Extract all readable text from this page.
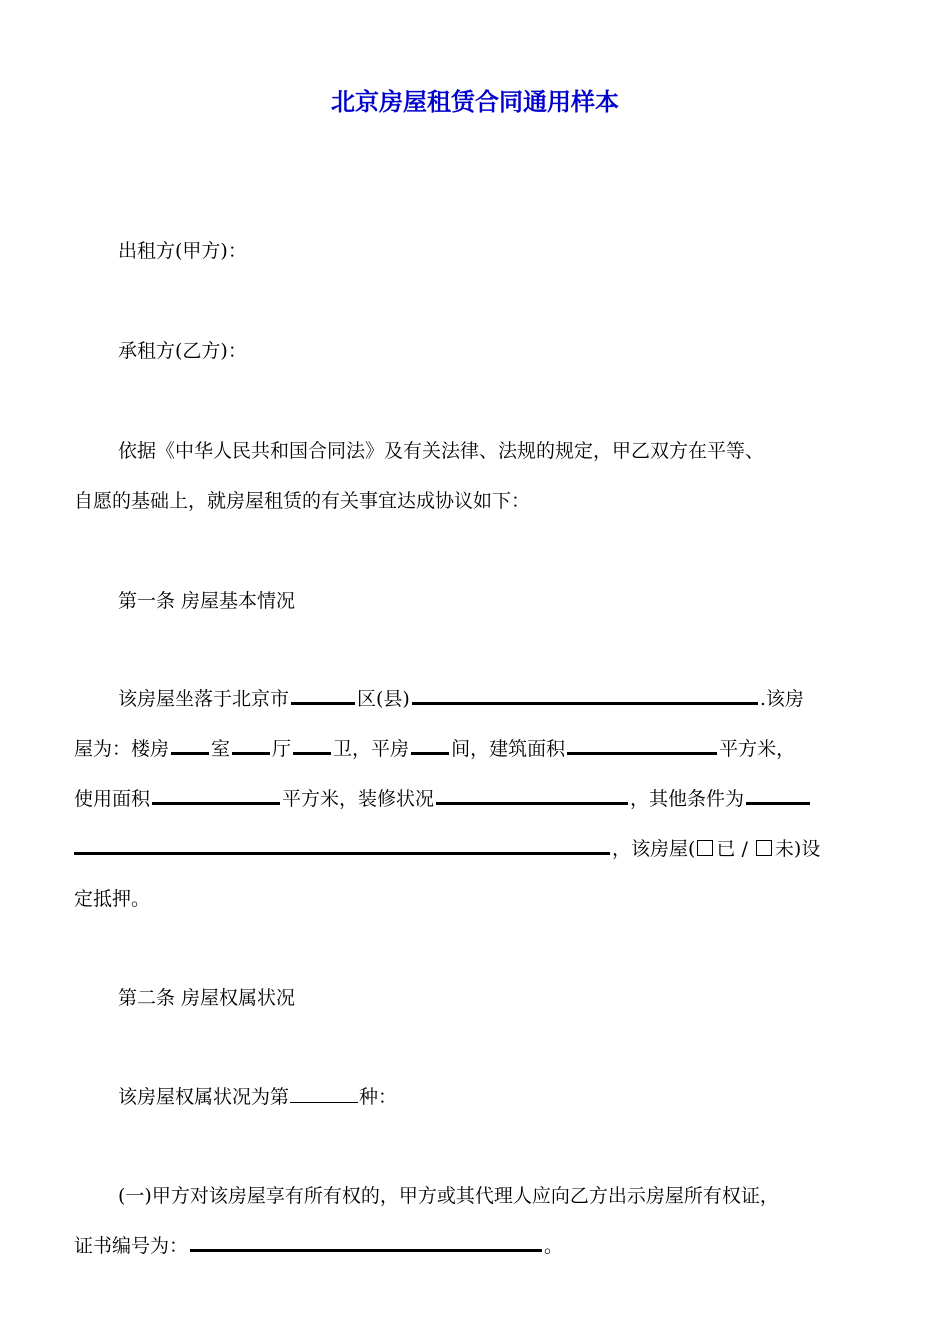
北京房屋租赁合同通用样本
出租方(甲方)：
承租方(乙方)：
依据《中华人民共和国合同法》及有关法律、法规的规定，甲乙双方在平等、
自愿的基础上，就房屋租赁的有关事宜达成协议如下：
第一条 房屋基本情况
该房屋坐落于北京市	区(县)	.该房
屋为：楼房 室 厅 卫，平房 间，建筑面积	平方米，
使用面积	平方米，装修状况	，其他条件为
，该房屋( 已 / 未)设
定抵押。
第二条 房屋权属状况
该房屋权属状况为第	种：
(一)甲方对该房屋享有所有权的，甲方或其代理人应向乙方出示房屋所有权证，
证书编号为：	。
